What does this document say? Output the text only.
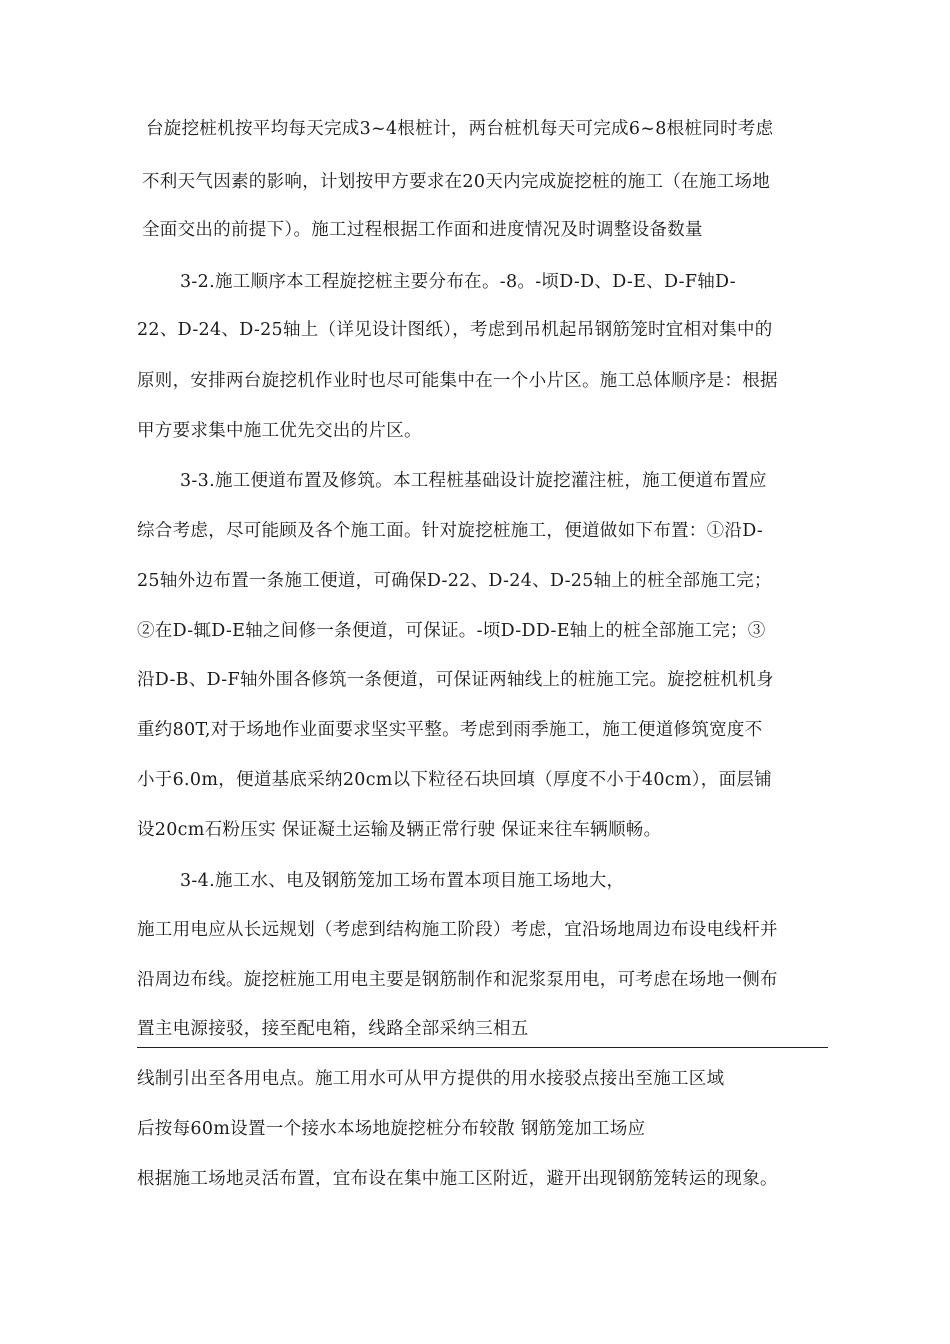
台旋挖桩机按平均每天完成3~4根桩计，两台桩机每天可完成6~8根桩同时考虑
不利天气因素的影响，计划按甲方要求在20天内完成旋挖桩的施工（在施工场地
全面交出的前提下）。施工过程根据工作面和进度情况及时调整设备数量
3-2.施工顺序本工程旋挖桩主要分布在。-8。-顷D-D、D-E、D-F轴D-
22、D-24、D-25轴上（详见设计图纸），考虑到吊机起吊钢筋笼时宜相对集中的
原则，安排两台旋挖机作业时也尽可能集中在一个小片区。施工总体顺序是：根据
甲方要求集中施工优先交出的片区。
3-3.施工便道布置及修筑。本工程桩基础设计旋挖灌注桩，施工便道布置应
综合考虑，尽可能顾及各个施工面。针对旋挖桩施工，便道做如下布置：①沿D-
25轴外边布置一条施工便道，可确保D-22、D-24、D-25轴上的桩全部施工完；
②在D-辄D-E轴之间修一条便道，可保证。-顷D-DD-E轴上的桩全部施工完；③
沿D-B、D-F轴外围各修筑一条便道，可保证两轴线上的桩施工完。旋挖桩机机身
重约80T,对于场地作业面要求坚实平整。考虑到雨季施工，施工便道修筑宽度不
小于6.0m，便道基底采纳20cm以下粒径石块回填（厚度不小于40cm），面层铺
设20cm石粉压实 保证凝土运输及辆正常行驶 保证来往车辆顺畅。
3-4.施工水、电及钢筋笼加工场布置本项目施工场地大，
施工用电应从长远规划（考虑到结构施工阶段）考虑，宜沿场地周边布设电线杆并
沿周边布线。旋挖桩施工用电主要是钢筋制作和泥浆泵用电，可考虑在场地一侧布
置主电源接驳，接至配电箱，线路全部采纳三相五
线制引出至各用电点。施工用水可从甲方提供的用水接驳点接出至施工区域
后按每60m设置一个接水本场地旋挖桩分布较散 钢筋笼加工场应
根据施工场地灵活布置，宜布设在集中施工区附近，避开出现钢筋笼转运的现象。
